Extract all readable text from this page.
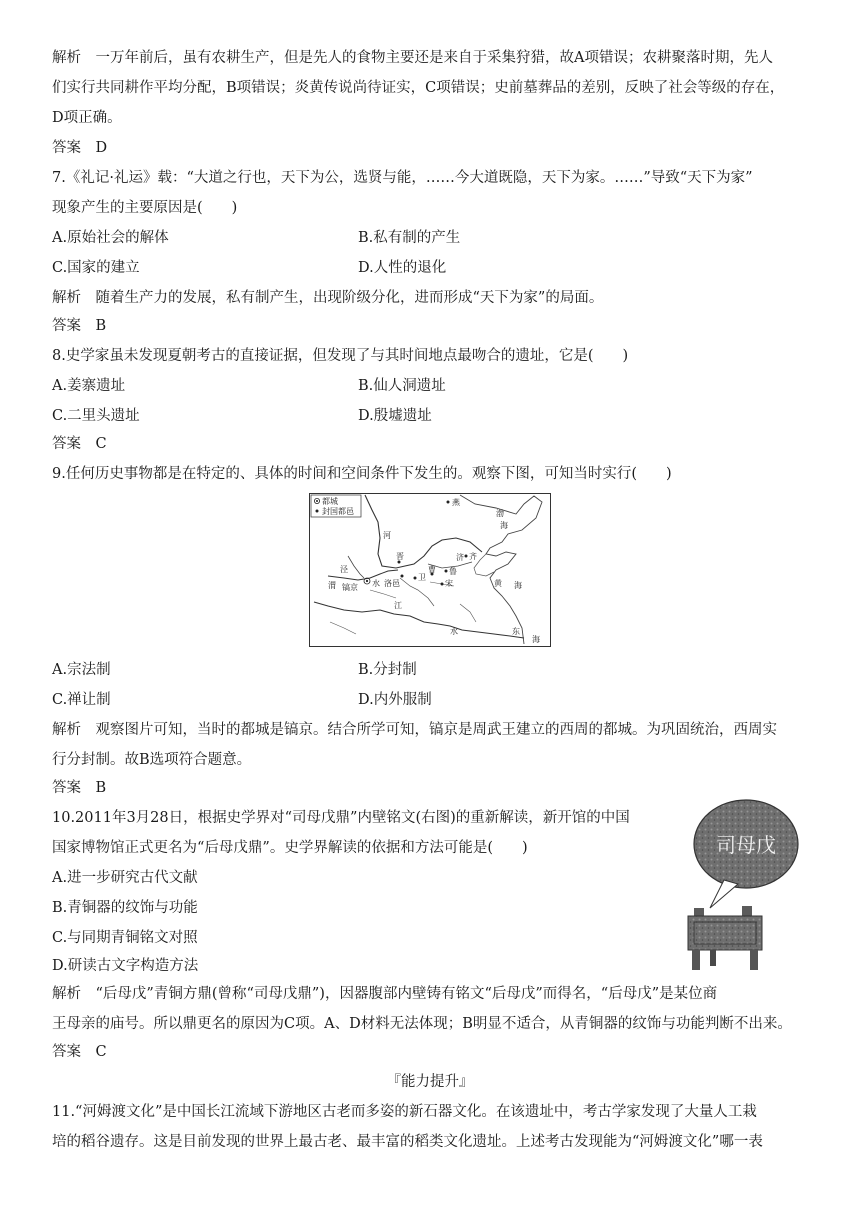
解析　一万年前后，虽有农耕生产，但是先人的食物主要还是来自于采集狩猎，故A项错误；农耕聚落时期，先人
们实行共同耕作平均分配，B项错误；炎黄传说尚待证实，C项错误；史前墓葬品的差别，反映了社会等级的存在，
D项正确。
答案　D
7.《礼记·礼运》载：“大道之行也，天下为公，选贤与能，……今大道既隐，天下为家。……”导致“天下为家”
现象产生的主要原因是(　　)
A.原始社会的解体	B.私有制的产生
C.国家的建立	D.人性的退化
解析　随着生产力的发展，私有制产生，出现阶级分化，进而形成“天下为家”的局面。
答案　B
8.史学家虽未发现夏朝考古的直接证据，但发现了与其时间地点最吻合的遗址，它是(　　)
A.姜寨遗址	B.仙人洞遗址
C.二里头遗址	D.殷墟遗址
答案　C
9.任何历史事物都是在特定的、具体的时间和空间条件下发生的。观察下图，可知当时实行(　　)
都城
封国都邑
燕
渤
海
河
晋
卫
齐
济
鲁
曹
宋
泾
渭 镐京 水 洛邑	黄 海
江
水	东
海
A.宗法制	B.分封制
C.禅让制	D.内外服制
解析　观察图片可知，当时的都城是镐京。结合所学可知，镐京是周武王建立的西周的都城。为巩固统治，西周实
行分封制。故B选项符合题意。
答案　B
10.2011年3月28日，根据史学界对“司母戊鼎”内壁铭文(右图)的重新解读，新开馆的中国
国家博物馆正式更名为“后母戊鼎”。史学界解读的依据和方法可能是(　　)
A.进一步研究古代文献
B.青铜器的纹饰与功能
C.与同期青铜铭文对照
D.研读古文字构造方法
司母戊
解析　“后母戊”青铜方鼎(曾称“司母戊鼎”)，因器腹部内壁铸有铭文“后母戊”而得名，“后母戊”是某位商
王母亲的庙号。所以鼎更名的原因为C项。A、D材料无法体现；B明显不适合，从青铜器的纹饰与功能判断不出来。
答案　C
『能力提升』
11.“河姆渡文化”是中国长江流域下游地区古老而多姿的新石器文化。在该遗址中，考古学家发现了大量人工栽
培的稻谷遗存。这是目前发现的世界上最古老、最丰富的稻类文化遗址。上述考古发现能为“河姆渡文化”哪一表
